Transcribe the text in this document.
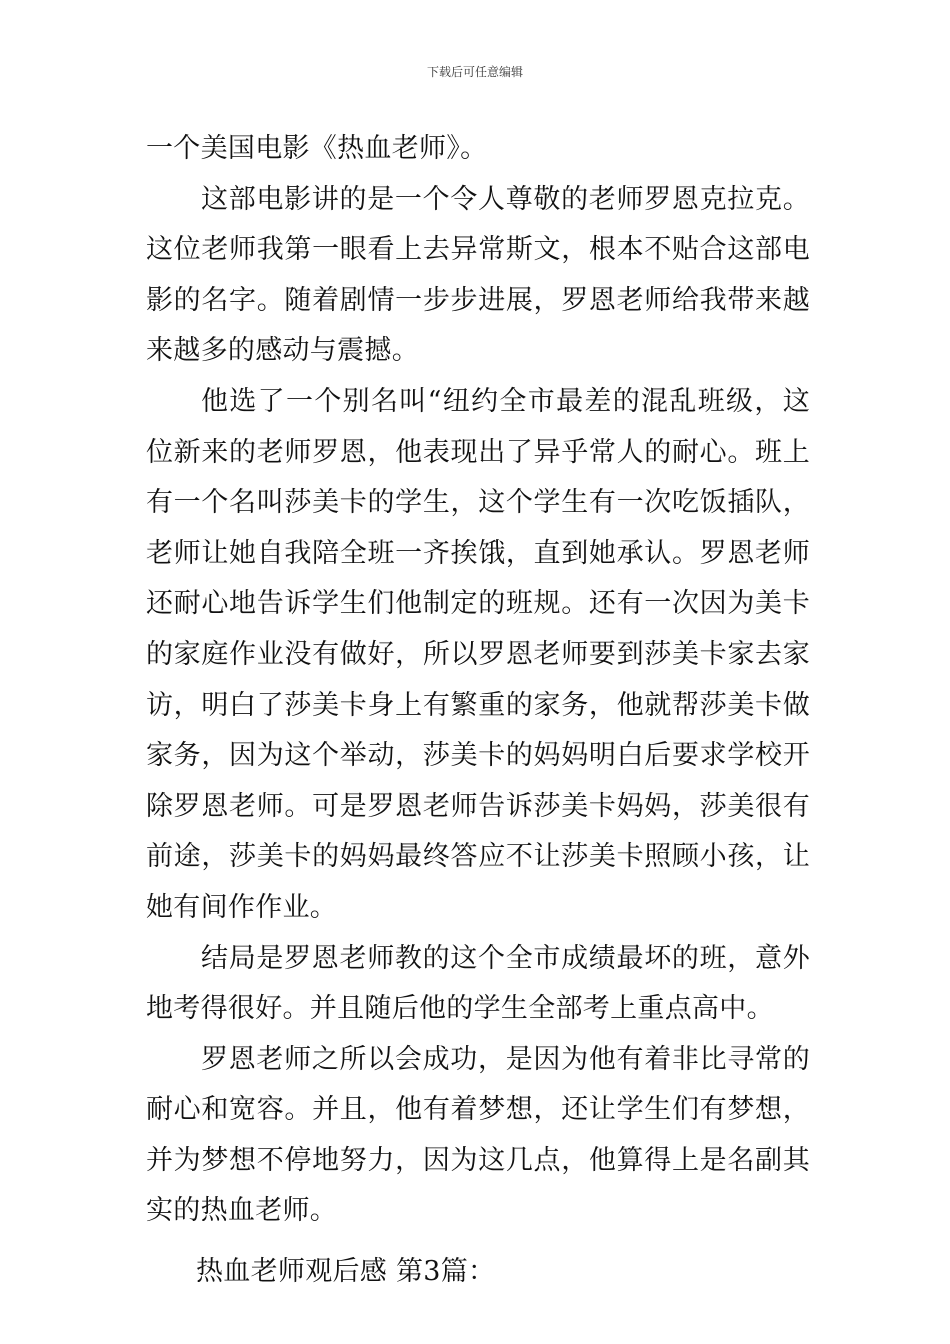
下载后可任意编辑

一个美国电影《热血老师》。

这部电影讲的是一个令人尊敬的老师罗恩克拉克。这位老师我第一眼看上去异常斯文，根本不贴合这部电影的名字。随着剧情一步步进展，罗恩老师给我带来越来越多的感动与震撼。

他选了一个别名叫“纽约全市最差的混乱班级，这位新来的老师罗恩，他表现出了异乎常人的耐心。班上有一个名叫莎美卡的学生，这个学生有一次吃饭插队，老师让她自我陪全班一齐挨饿，直到她承认。罗恩老师还耐心地告诉学生们他制定的班规。还有一次因为美卡的家庭作业没有做好，所以罗恩老师要到莎美卡家去家访，明白了莎美卡身上有繁重的家务，他就帮莎美卡做家务，因为这个举动，莎美卡的妈妈明白后要求学校开除罗恩老师。可是罗恩老师告诉莎美卡妈妈，莎美很有前途，莎美卡的妈妈最终答应不让莎美卡照顾小孩，让她有间作作业。

结局是罗恩老师教的这个全市成绩最坏的班，意外地考得很好。并且随后他的学生全部考上重点高中。

罗恩老师之所以会成功，是因为他有着非比寻常的耐心和宽容。并且，他有着梦想，还让学生们有梦想，并为梦想不停地努力，因为这几点，他算得上是名副其实的热血老师。

热血老师观后感 第3篇：
